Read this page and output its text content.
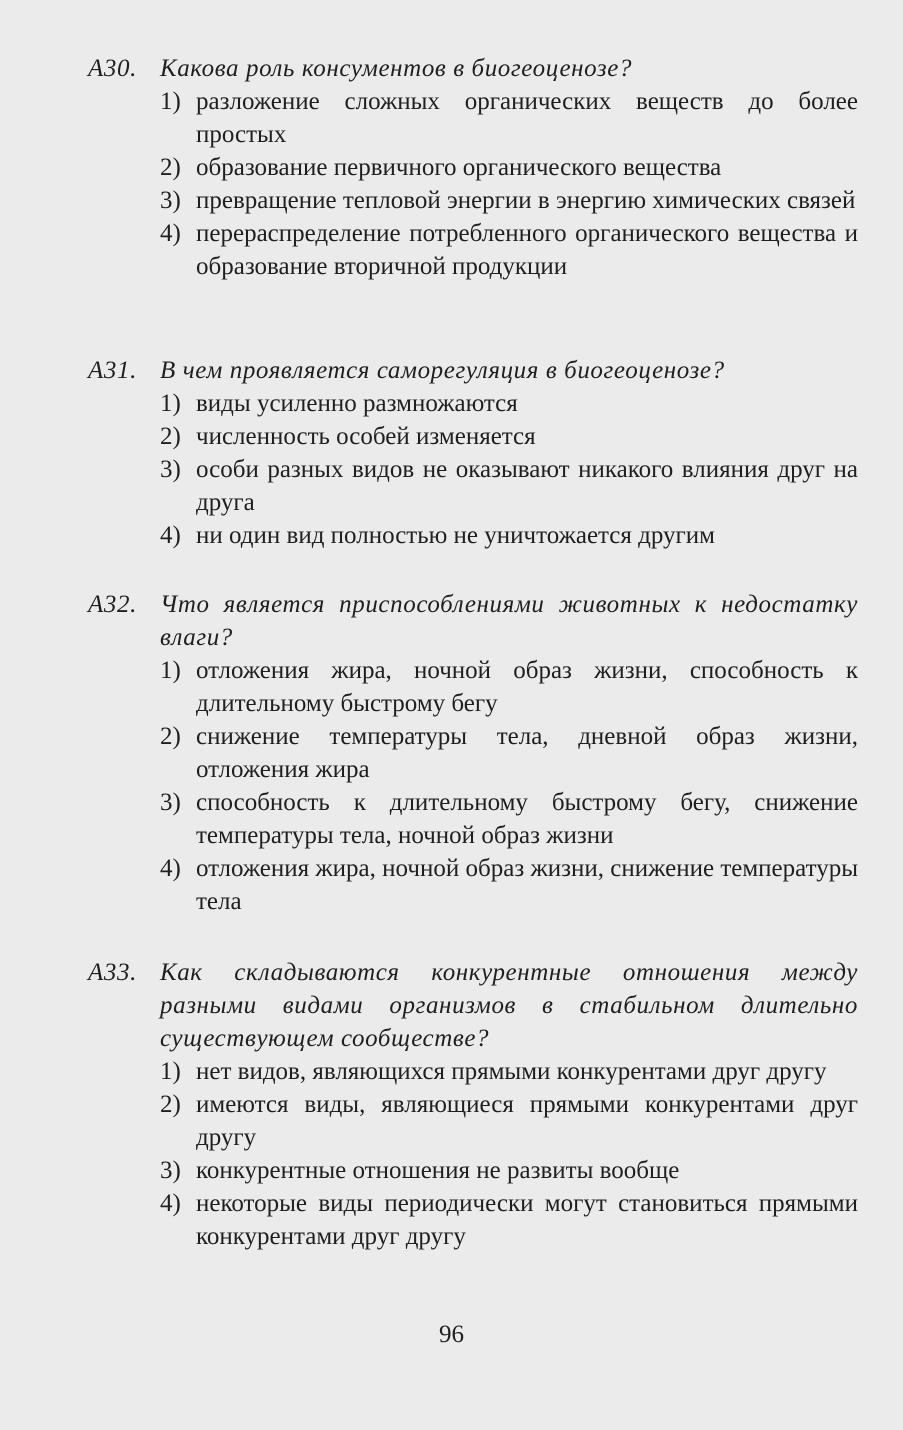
А30. Какова роль консументов в биогеоценозе?
1) разложение сложных органических веществ до более простых
2) образование первичного органического вещества
3) превращение тепловой энергии в энергию химических связей
4) перераспределение потребленного органического вещества и образование вторичной продукции
А31. В чем проявляется саморегуляция в биогеоценозе?
1) виды усиленно размножаются
2) численность особей изменяется
3) особи разных видов не оказывают никакого влияния друг на друга
4) ни один вид полностью не уничтожается другим
А32. Что является приспособлениями животных к недостатку влаги?
1) отложения жира, ночной образ жизни, способность к длительному быстрому бегу
2) снижение температуры тела, дневной образ жизни, отложения жира
3) способность к длительному быстрому бегу, снижение температуры тела, ночной образ жизни
4) отложения жира, ночной образ жизни, снижение температуры тела
А33. Как складываются конкурентные отношения между разными видами организмов в стабильном длительно существующем сообществе?
1) нет видов, являющихся прямыми конкурентами друг другу
2) имеются виды, являющиеся прямыми конкурентами друг другу
3) конкурентные отношения не развиты вообще
4) некоторые виды периодически могут становиться прямыми конкурентами друг другу
96
